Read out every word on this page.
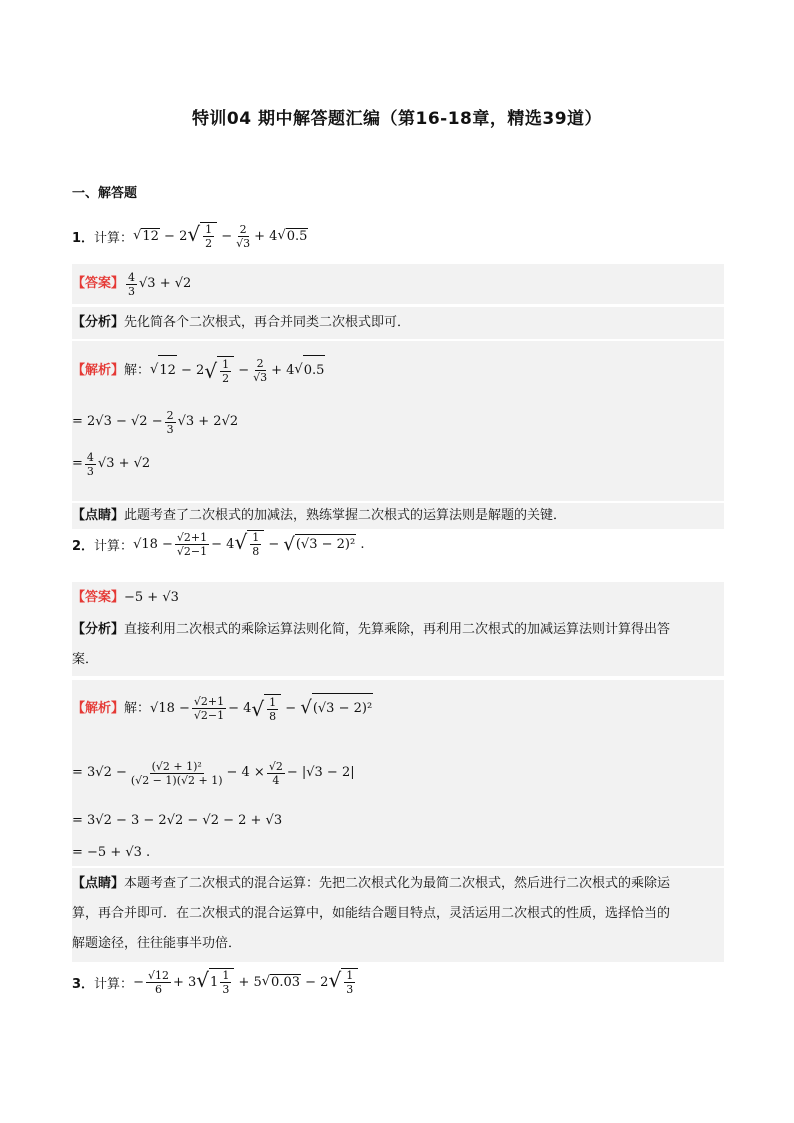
特训04 期中解答题汇编（第16-18章，精选39道）
一、解答题
1． 计算： √ 12 − 2 √ $\frac{1}{2} - \frac{2}{√3} + 4$ √ 0.5
【答案】 $\frac{4}{3} √3 + √2$
【分析】 先化简各个二次根式，再合并同类二次根式即可．
【解析】 解： √ 12 − 2 √ $\frac{1}{2} - \frac{2}{√3} + 4$ √ 0.5
= $2√3 - √2 - \frac{2}{3} √3 + 2√2$
= $\frac{4}{3} √3 + √2$
【点睛】 此题考查了二次根式的加减法，熟练掌握二次根式的运算法则是解题的关键．
2． 计算： $√18 - \frac{√2+1}{√2-1} - 4$ √ $\frac{1}{8}$ − √ (√3 − 2)² .
【答案】 −5 + √3
【分析】 直接利用二次根式的乘除运算法则化简，先算乘除，再利用二次根式的加减运算法则计算得出答
案．
【解析】 解： $√18 - \frac{√2+1}{√2-1} - 4$ √ $\frac{1}{8}$ − √ (√3 − 2)²
= $3√2 - \frac{\text{(√2 + 1)²}}{(√2 - 1)(√2 + 1)} - 4 \times \frac{√2}{4} - |√3 - 2|$
= 3√2 − 3 − 2√2 − √2 − 2 + √3
= −5 + √3 .
【点睛】 本题考查了二次根式的混合运算：先把二次根式化为最简二次根式，然后进行二次根式的乘除运
算，再合并即可．在二次根式的混合运算中，如能结合题目特点，灵活运用二次根式的性质，选择恰当的
解题途径，往往能事半功倍．
3． 计算： − $\frac{√12}{6} + 3$ √ $1 \frac{1}{3} + 5$ √ 0.03 − 2 √ $\frac{1}{3}$
